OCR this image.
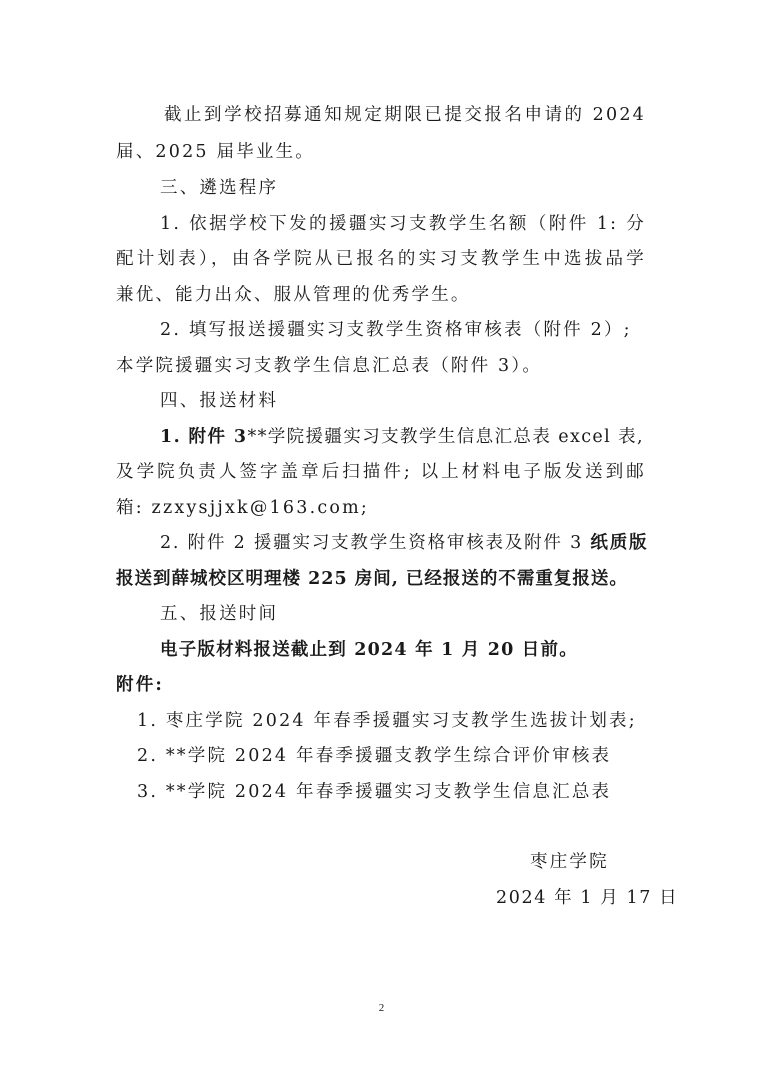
截止到学校招募通知规定期限已提交报名申请的 2024
届、2025 届毕业生。
三、遴选程序
1. 依据学校下发的援疆实习支教学生名额（附件 1: 分
配计划表），由各学院从已报名的实习支教学生中选拔品学
兼优、能力出众、服从管理的优秀学生。
2. 填写报送援疆实习支教学生资格审核表（附件 2）;
本学院援疆实习支教学生信息汇总表（附件 3）。
四、报送材料
1. 附件 3**学院援疆实习支教学生信息汇总表 excel 表,
及学院负责人签字盖章后扫描件; 以上材料电子版发送到邮
箱: zzxysjjxk@163.com;
2. 附件 2 援疆实习支教学生资格审核表及附件 3 纸质版
报送到薛城校区明理楼 225 房间, 已经报送的不需重复报送。
五、报送时间
电子版材料报送截止到 2024 年 1 月 20 日前。
附件:
1. 枣庄学院 2024 年春季援疆实习支教学生选拔计划表;
2. **学院 2024 年春季援疆支教学生综合评价审核表
3. **学院 2024 年春季援疆实习支教学生信息汇总表
枣庄学院
2024 年 1 月 17 日
2
